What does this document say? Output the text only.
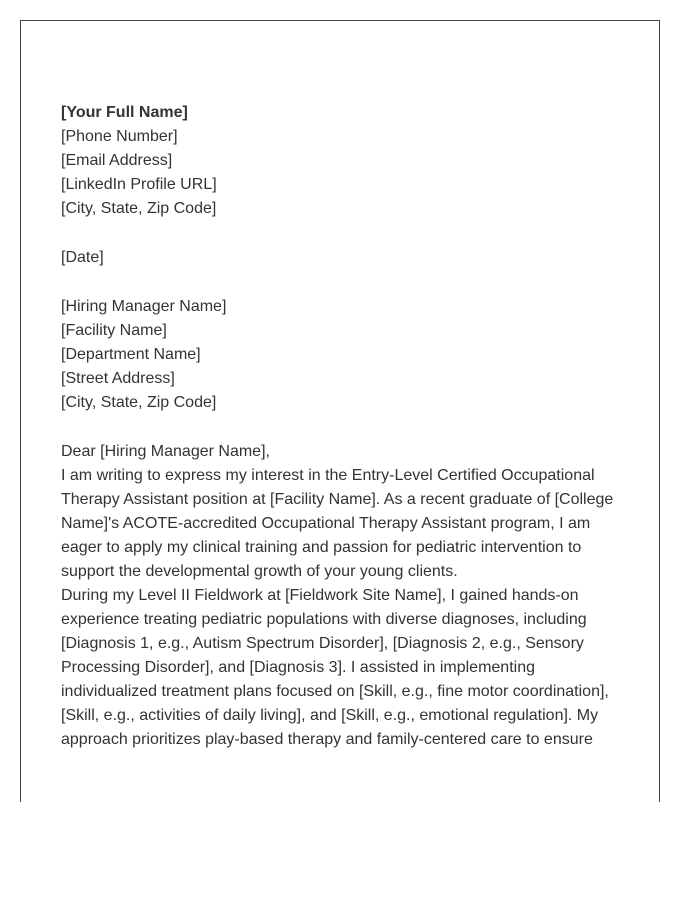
[Your Full Name]
[Phone Number]
[Email Address]
[LinkedIn Profile URL]
[City, State, Zip Code]
[Date]
[Hiring Manager Name]
[Facility Name]
[Department Name]
[Street Address]
[City, State, Zip Code]
Dear [Hiring Manager Name],
I am writing to express my interest in the Entry-Level Certified Occupational
Therapy Assistant position at [Facility Name]. As a recent graduate of [College
Name]'s ACOTE-accredited Occupational Therapy Assistant program, I am
eager to apply my clinical training and passion for pediatric intervention to
support the developmental growth of your young clients.
During my Level II Fieldwork at [Fieldwork Site Name], I gained hands-on
experience treating pediatric populations with diverse diagnoses, including
[Diagnosis 1, e.g., Autism Spectrum Disorder], [Diagnosis 2, e.g., Sensory
Processing Disorder], and [Diagnosis 3]. I assisted in implementing
individualized treatment plans focused on [Skill, e.g., fine motor coordination],
[Skill, e.g., activities of daily living], and [Skill, e.g., emotional regulation]. My
approach prioritizes play-based therapy and family-centered care to ensure
